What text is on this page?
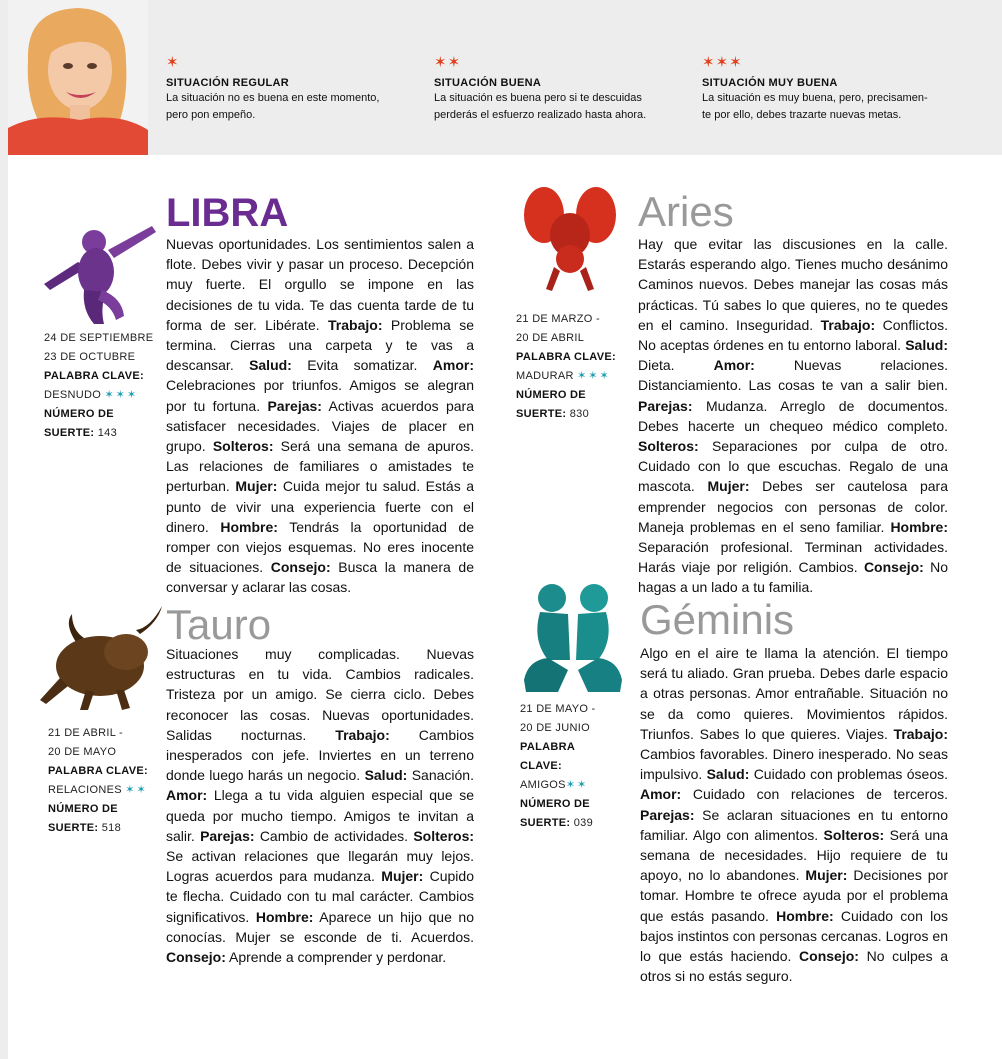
✶
SITUACIÓN REGULAR
La situación no es buena en este momento,
pero pon empeño.
✶✶
SITUACIÓN BUENA
La situación es buena pero si te descuidas
perderás el esfuerzo realizado hasta ahora.
✶✶✶
SITUACIÓN MUY BUENA
La situación es muy buena, pero, precisamen-
te por ello, debes trazarte nuevas metas.
24 DE SEPTIEMBRE
23 DE OCTUBRE
PALABRA CLAVE:
DESNUDO ✶✶✶
NÚMERO DE
SUERTE: 143
LIBRA
Nuevas oportunidades. Los sentimientos salen a flote. Debes vivir y pasar un proceso. Decepción muy fuerte. El orgullo se impone en las decisiones de tu vida. Te das cuenta tarde de tu forma de ser. Libérate. Trabajo: Problema se termina. Cierras una carpeta y te vas a descansar. Salud: Evita somatizar. Amor: Celebraciones por triunfos. Amigos se alegran por tu fortuna. Parejas: Activas acuerdos para satisfacer necesidades. Viajes de placer en grupo. Solteros: Será una semana de apuros. Las relaciones de familiares o amistades te perturban. Mujer: Cuida mejor tu salud. Estás a punto de vivir una experiencia fuerte con el dinero. Hombre: Tendrás la oportunidad de romper con viejos esquemas. No eres inocente de situaciones. Consejo: Busca la manera de conversar y aclarar las cosas.
21 DE MARZO -
20 DE ABRIL
PALABRA CLAVE:
MADURAR ✶✶✶
NÚMERO DE
SUERTE: 830
Aries
Hay que evitar las discusiones en la calle. Estarás esperando algo. Tienes mucho desánimo Caminos nuevos. Debes manejar las cosas más prácticas. Tú sabes lo que quieres, no te quedes en el camino. Inseguridad. Trabajo: Conflictos. No aceptas órdenes en tu entorno laboral. Salud: Dieta.	Amor:	Nuevas relaciones. Distanciamiento. Las cosas te van a salir bien. Parejas: Mudanza. Arreglo de documentos. Debes hacerte un chequeo médico completo. Solteros: Separaciones por culpa de otro. Cuidado con lo que escuchas. Regalo de una mascota. Mujer: Debes ser cautelosa para emprender negocios con personas de color. Maneja problemas en el seno familiar. Hombre: Separación profesional. Terminan actividades. Harás viaje por religión. Cambios. Consejo: No hagas a un lado a tu familia.
21 DE ABRIL -
20 DE MAYO
PALABRA CLAVE:
RELACIONES ✶✶
NÚMERO DE
SUERTE: 518
Tauro
Situaciones muy complicadas. Nuevas estructuras en tu vida. Cambios radicales. Tristeza por un amigo. Se cierra ciclo. Debes reconocer las cosas. Nuevas oportunidades. Salidas nocturnas. Trabajo: Cambios inesperados con jefe. Inviertes en un terreno donde luego harás un negocio. Salud: Sanación. Amor: Llega a tu vida alguien especial que se queda por mucho tiempo. Amigos te invitan a salir. Parejas: Cambio de actividades. Solteros: Se activan relaciones que llegarán muy lejos. Logras acuerdos para mudanza. Mujer: Cupido te flecha. Cuidado con tu mal carácter. Cambios significativos. Hombre: Aparece un hijo que no conocías. Mujer se esconde de ti. Acuerdos. Consejo: Aprende a comprender y perdonar.
21 DE MAYO -
20 DE JUNIO
PALABRA
CLAVE:
AMIGOS✶✶
NÚMERO DE
SUERTE: 039
Géminis
Algo en el aire te llama la atención. El tiempo será tu aliado. Gran prueba. Debes darle espacio a otras personas. Amor entrañable. Situación no se da como quieres. Movimientos rápidos. Triunfos. Sabes lo que quieres. Viajes. Trabajo: Cambios favorables. Dinero inesperado. No seas impulsivo. Salud: Cuidado con problemas óseos. Amor: Cuidado con relaciones de terceros. Parejas: Se aclaran situaciones en tu entorno familiar. Algo con alimentos. Solteros: Será una semana de necesidades. Hijo requiere de tu apoyo, no lo abandones. Mujer: Decisiones por tomar. Hombre te ofrece ayuda por el problema que estás pasando. Hombre: Cuidado con los bajos instintos con personas cercanas. Logros en lo que estás haciendo. Consejo: No culpes a otros si no estás seguro.
